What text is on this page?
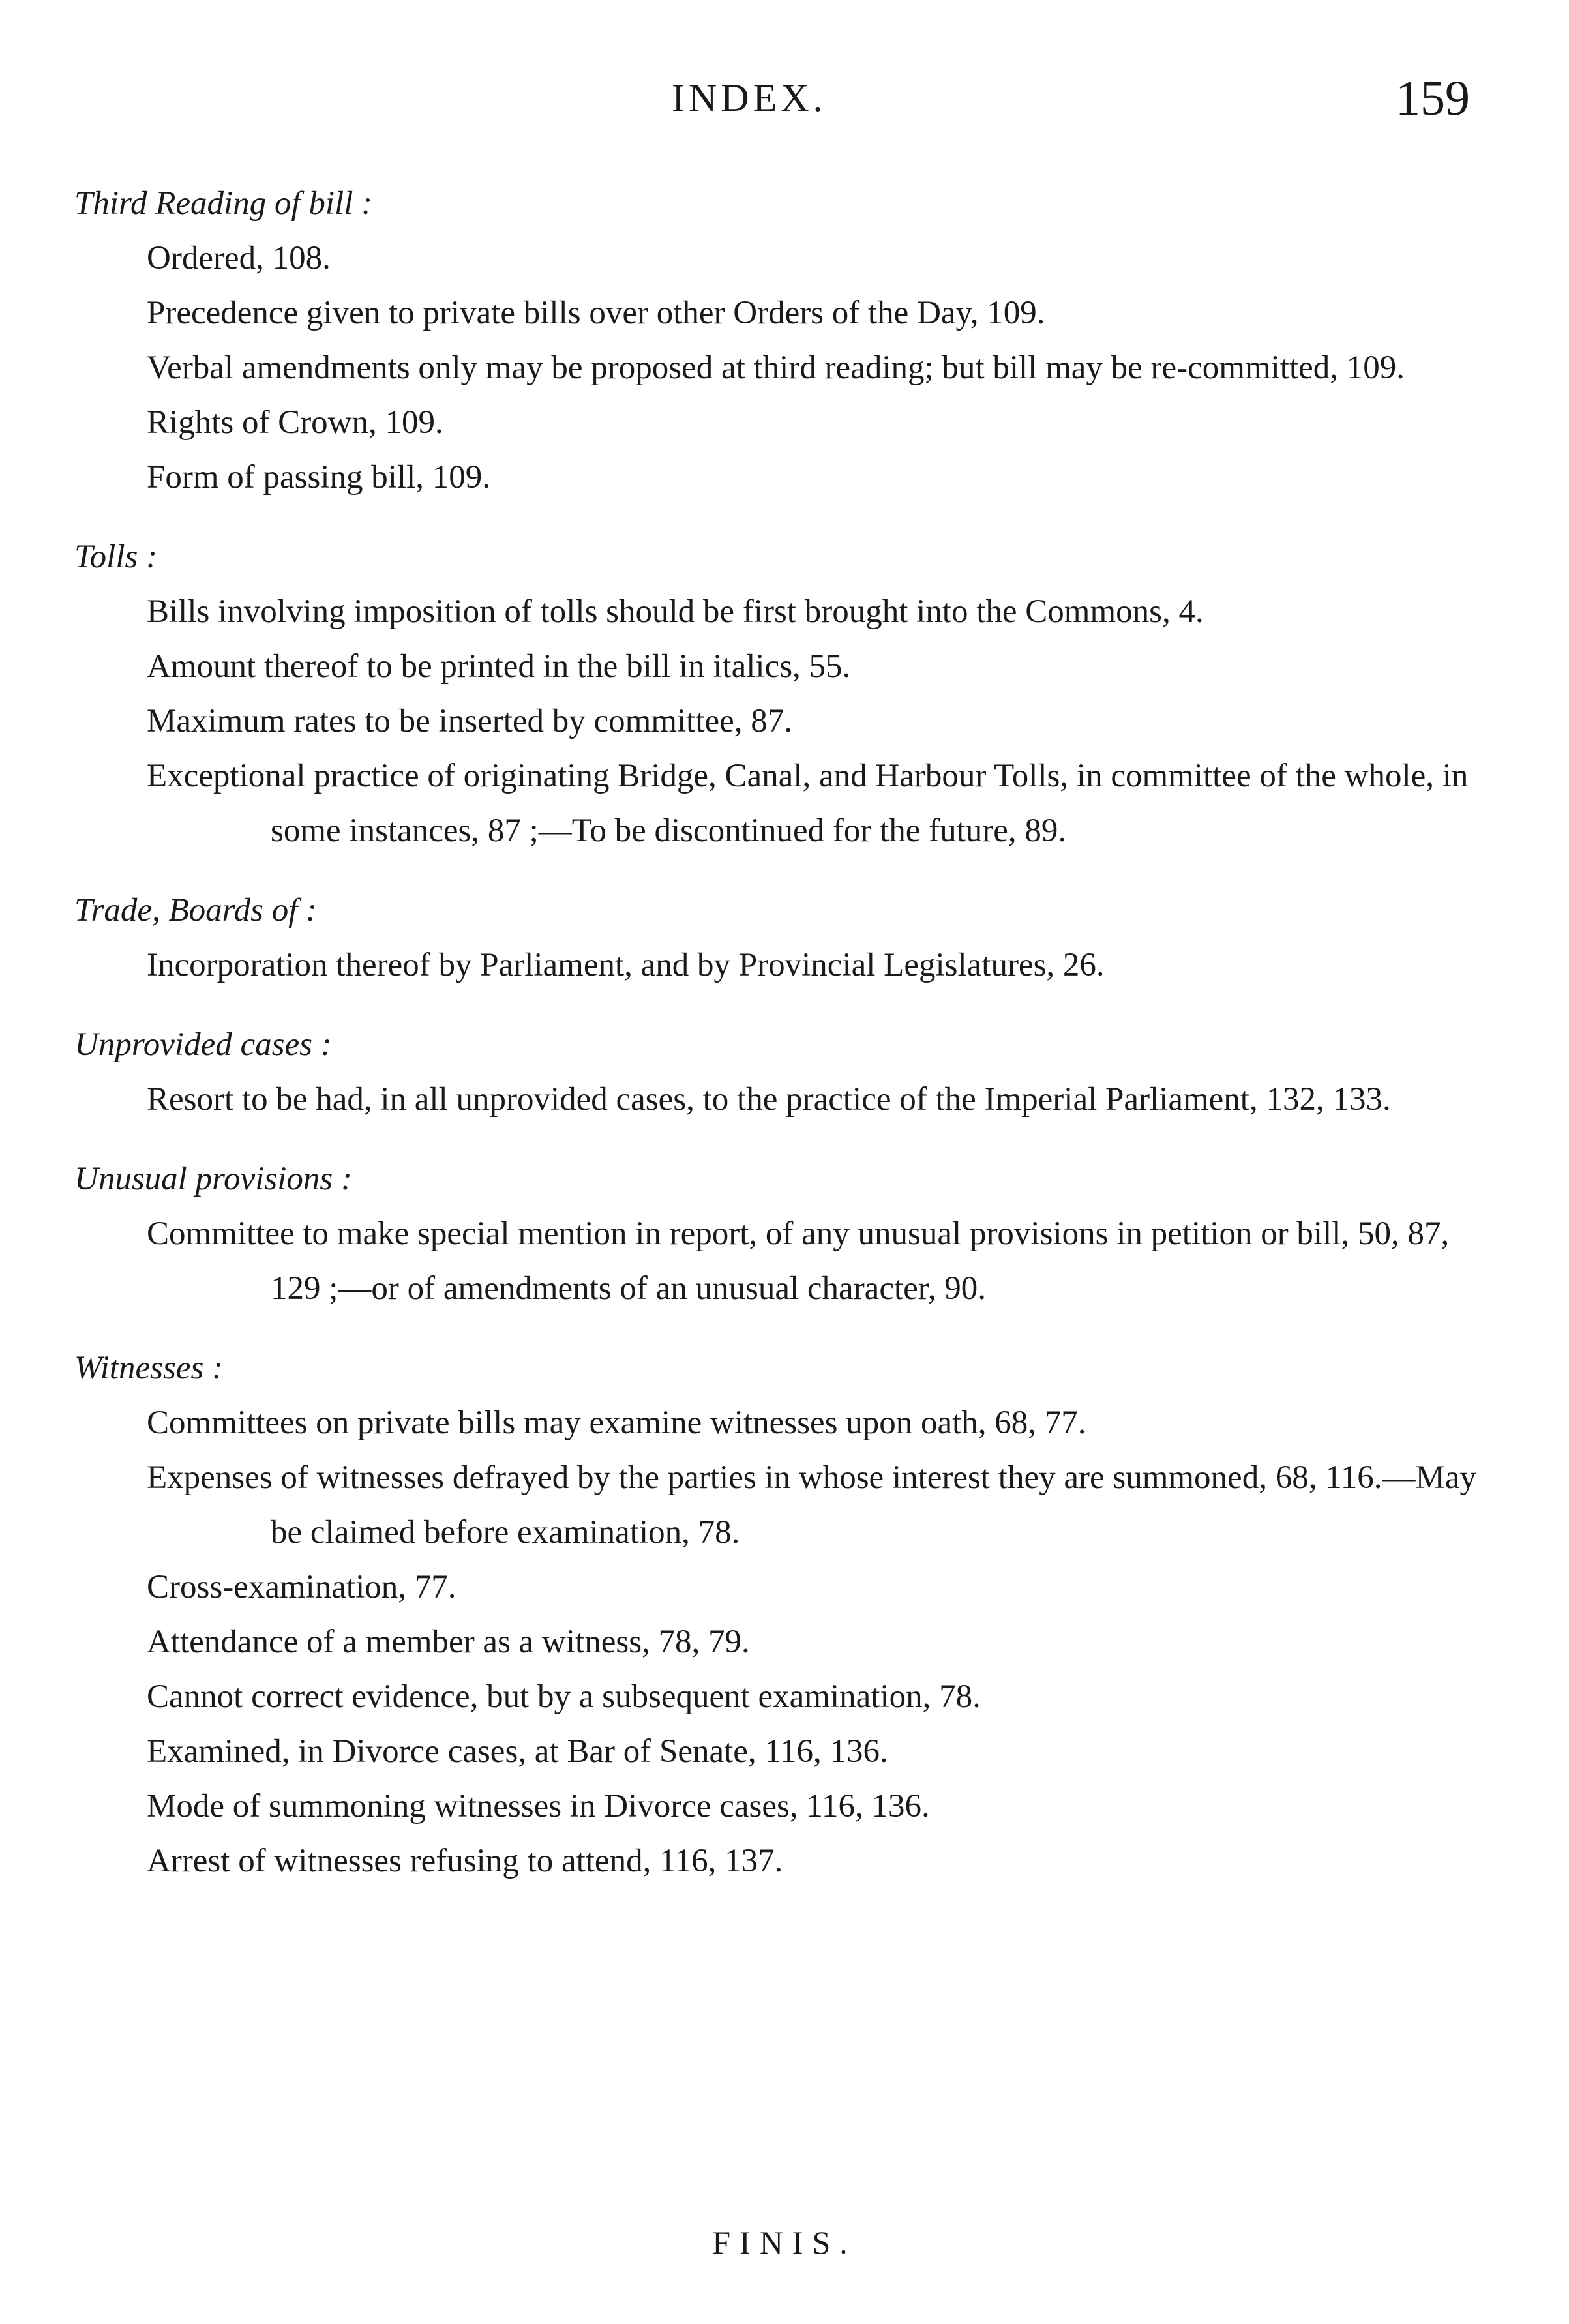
INDEX.	159
Third Reading of bill :
Ordered, 108.
Precedence given to private bills over other Orders of the Day, 109.
Verbal amendments only may be proposed at third reading; but bill may be re-committed, 109.
Rights of Crown, 109.
Form of passing bill, 109.
Tolls :
Bills involving imposition of tolls should be first brought into the Commons, 4.
Amount thereof to be printed in the bill in italics, 55.
Maximum rates to be inserted by committee, 87.
Exceptional practice of originating Bridge, Canal, and Harbour Tolls, in committee of the whole, in some instances, 87 ;—To be discontinued for the future, 89.
Trade, Boards of :
Incorporation thereof by Parliament, and by Provincial Legislatures, 26.
Unprovided cases :
Resort to be had, in all unprovided cases, to the practice of the Imperial Parliament, 132, 133.
Unusual provisions :
Committee to make special mention in report, of any unusual provisions in petition or bill, 50, 87, 129 ;—or of amendments of an unusual character, 90.
Witnesses :
Committees on private bills may examine witnesses upon oath, 68, 77.
Expenses of witnesses defrayed by the parties in whose interest they are summoned, 68, 116.—May be claimed before examination, 78.
Cross-examination, 77.
Attendance of a member as a witness, 78, 79.
Cannot correct evidence, but by a subsequent examination, 78.
Examined, in Divorce cases, at Bar of Senate, 116, 136.
Mode of summoning witnesses in Divorce cases, 116, 136.
Arrest of witnesses refusing to attend, 116, 137.
FINIS.
